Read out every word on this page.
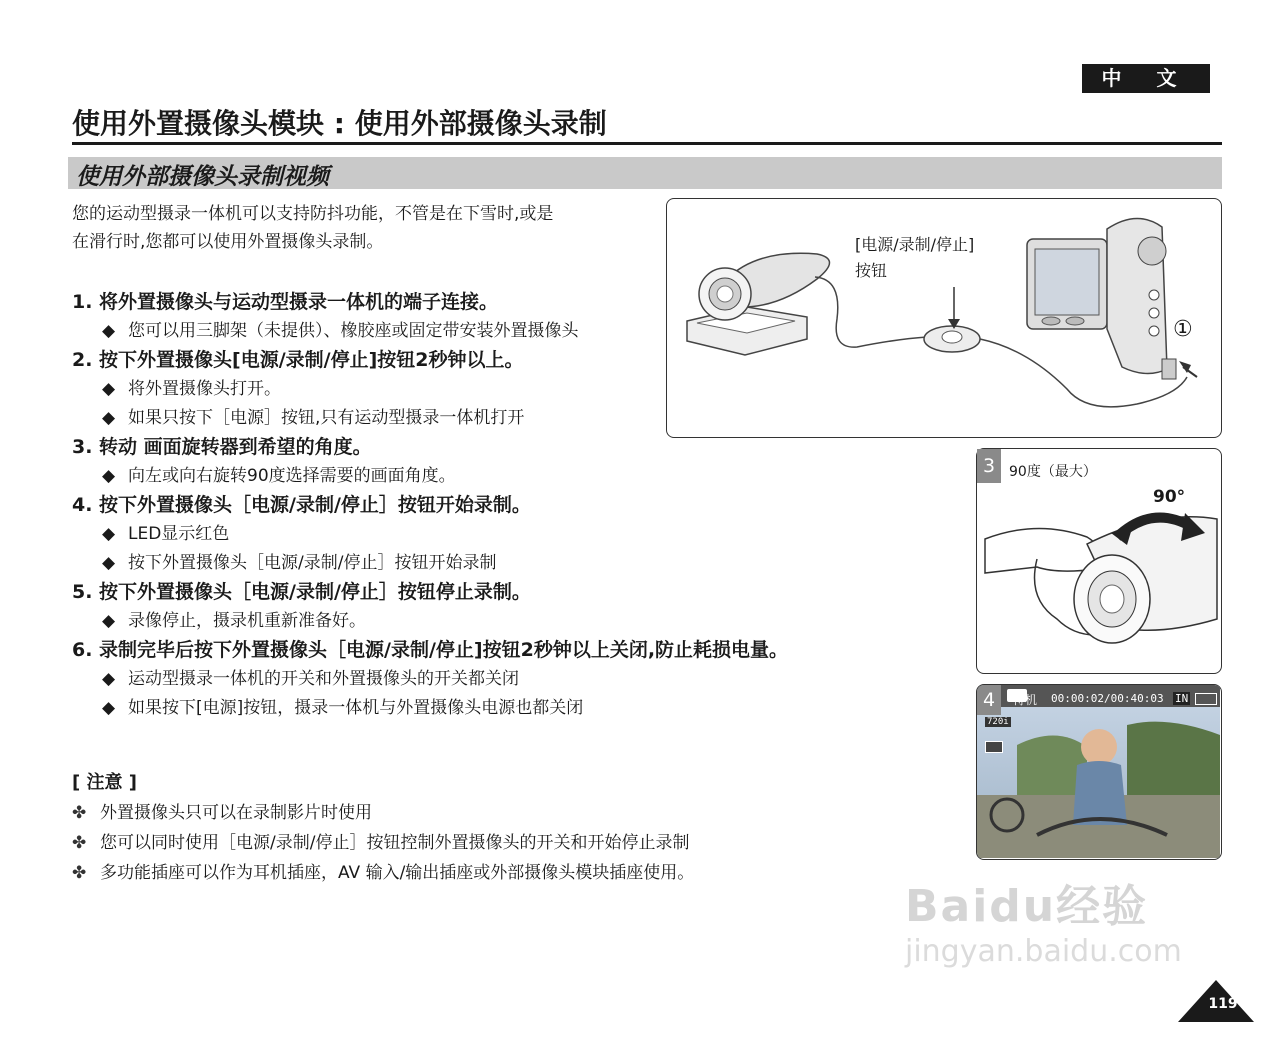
中 文
使用外置摄像头模块 : 使用外部摄像头录制
使用外部摄像头录制视频
您的运动型摄录一体机可以支持防抖功能，不管是在下雪时,或是
在滑行时,您都可以使用外置摄像头录制。
1. 将外置摄像头与运动型摄录一体机的端子连接。
◆ 您可以用三脚架（未提供）、橡胶座或固定带安装外置摄像头
2. 按下外置摄像头[电源/录制/停止]按钮2秒钟以上。
◆ 将外置摄像头打开。
◆ 如果只按下［电源］按钮,只有运动型摄录一体机打开
3. 转动 画面旋转器到希望的角度。
◆ 向左或向右旋转90度选择需要的画面角度。
4. 按下外置摄像头［电源/录制/停止］按钮开始录制。
◆ LED显示红色
◆ 按下外置摄像头［电源/录制/停止］按钮开始录制
5. 按下外置摄像头［电源/录制/停止］按钮停止录制。
◆ 录像停止，摄录机重新准备好。
6. 录制完毕后按下外置摄像头［电源/录制/停止]按钮2秒钟以上关闭,防止耗损电量。
◆ 运动型摄录一体机的开关和外置摄像头的开关都关闭
◆ 如果按下[电源]按钮，摄录一体机与外置摄像头电源也都关闭
[ 注意 ]
✤ 外置摄像头只可以在录制影片时使用
✤ 您可以同时使用［电源/录制/停止］按钮控制外置摄像头的开关和开始停止录制
✤ 多功能插座可以作为耳机插座，AV 输入/输出插座或外部摄像头模块插座使用。
[电源/录制/停止]
按钮
①
3 90度（最大）
90°
4	待机 00:00:02/00:40:03 IN
720i
Baidu经验
jingyan.baidu.com
119
